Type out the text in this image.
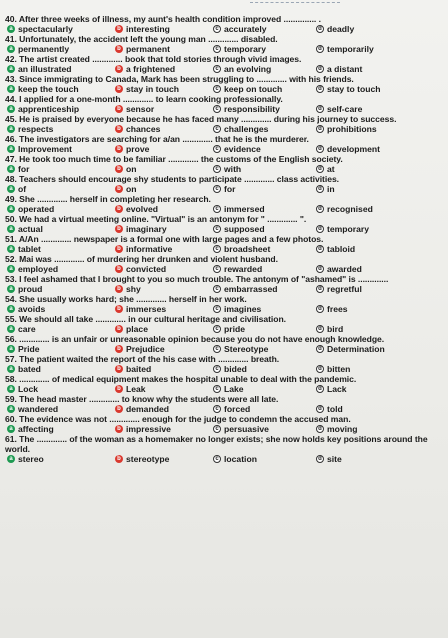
40. After three weeks of illness, my aunt's health condition improved .............. .
a spectacularly	b interesting	c accurately	d deadly
41. Unfortunately, the accident left the young man ............. disabled.
a permanently	b permanent	c temporary	d temporarily
42. The artist created ............. book that told stories through vivid images.
a an illustrated	b a frightened	c an evolving	d a distant
43. Since immigrating to Canada, Mark has been struggling to ............. with his friends.
a keep the touch	b stay in touch	c keep on touch	d stay to touch
44. I applied for a one-month ............. to learn cooking professionally.
a apprenticeship	b sensor	c responsibility	d self-care
45. He is praised by everyone because he has faced many ............. during his journey to success.
a respects	b chances	c challenges	d prohibitions
46. The investigators are searching for a/an ............. that he is the murderer.
a Improvement	b prove	c evidence	d development
47. He took too much time to be familiar ............. the customs of the English society.
a for	b on	c with	d at
48. Teachers should encourage shy students to participate ............. class activities.
a of	b on	c for	d in
49. She ............. herself in completing her research.
a operated	b evolved	c immersed	d recognised
50. We had a virtual meeting online. "Virtual" is an antonym for " ............. ".
a actual	b imaginary	c supposed	d temporary
51. A/An ............. newspaper is a formal one with large pages and a few photos.
a tablet	b informative	c broadsheet	d tabloid
52. Mai was ............. of murdering her drunken and violent husband.
a employed	b convicted	c rewarded	d awarded
53. I feel ashamed that I brought to you so much trouble. The antonym of "ashamed" is .............
a proud	b shy	c embarrassed	d regretful
54. She usually works hard; she ............. herself in her work.
a avoids	b immerses	c imagines	d frees
55. We should all take ............. in our cultural heritage and civilisation.
a care	b place	c pride	d bird
56. ............. is an unfair or unreasonable opinion because you do not have enough knowledge.
a Pride	b Prejudice	c Stereotype	d Determination
57. The patient waited the report of the his case with ............. breath.
a bated	b baited	c bided	d bitten
58. ............. of medical equipment makes the hospital unable to deal with the pandemic.
a Lock	b Leak	c Lake	d Lack
59. The head master ............. to know why the students were all late.
a wandered	b demanded	c forced	d told
60. The evidence was not ............. enough for the judge to condemn the accused man.
a affecting	b impressive	c persuasive	d moving
61. The ............. of the woman as a homemaker no longer exists; she now holds key positions around the world.
a stereo	b stereotype	c location	d site
